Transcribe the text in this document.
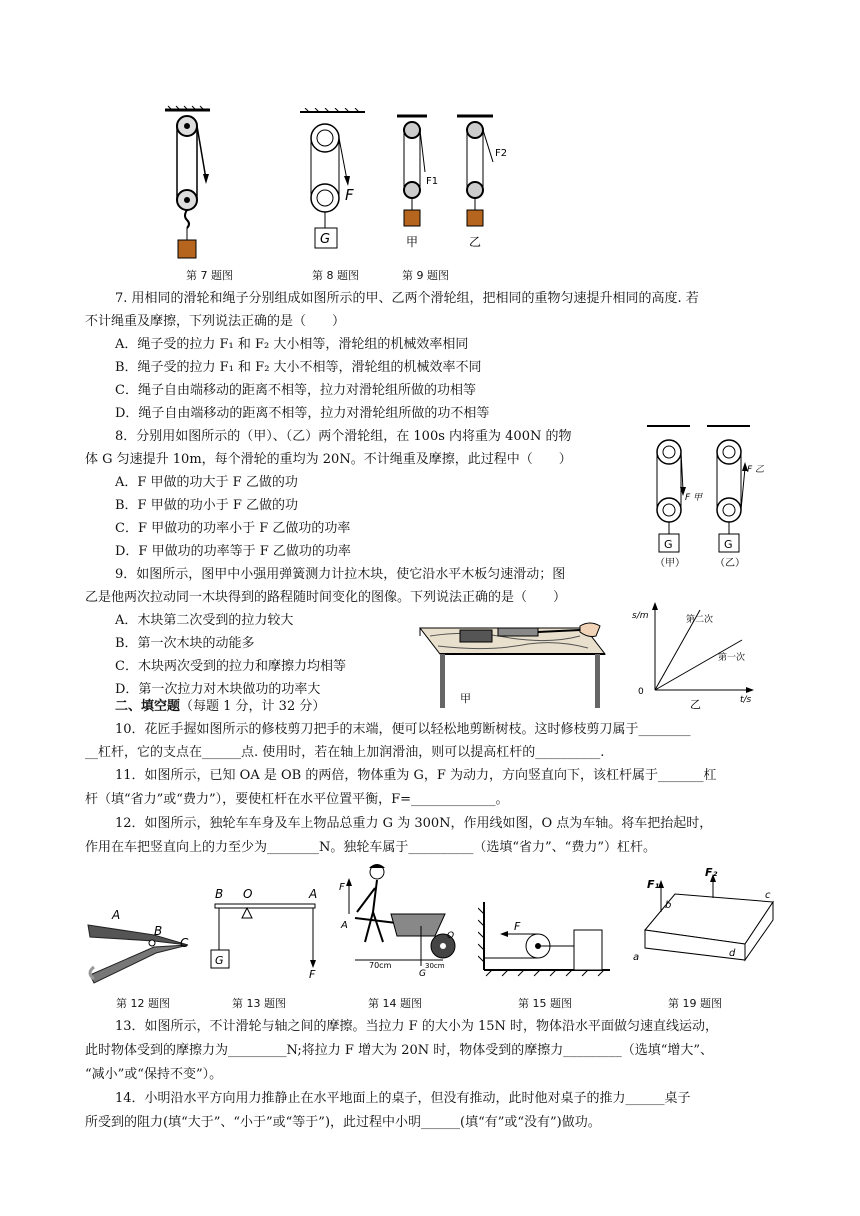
第 7 题图
F
G
第 8 题图
F1
甲
F2
乙
第 9 题图
7. 用相同的滑轮和绳子分别组成如图所示的甲、乙两个滑轮组，把相同的重物匀速提升相同的高度. 若
不计绳重及摩擦，下列说法正确的是（　　）
A．绳子受的拉力 F₁ 和 F₂ 大小相等，滑轮组的机械效率相同
B．绳子受的拉力 F₁ 和 F₂ 大小不相等，滑轮组的机械效率不同
C．绳子自由端移动的距离不相等，拉力对滑轮组所做的功相等
D．绳子自由端移动的距离不相等，拉力对滑轮组所做的功不相等
8．分别用如图所示的（甲）、（乙）两个滑轮组，在 100s 内将重为 400N 的物
体 G 匀速提升 10m，每个滑轮的重均为 20N。不计绳重及摩擦，此过程中（　　）
A．F 甲做的功大于 F 乙做的功
B．F 甲做的功小于 F 乙做的功
C．F 甲做功的功率小于 F 乙做功的功率
D．F 甲做功的功率等于 F 乙做功的功率
F 甲
G
（甲）
F 乙
G
（乙）
9．如图所示，图甲中小强用弹簧测力计拉木块，使它沿水平木板匀速滑动；图
乙是他两次拉动同一木块得到的路程随时间变化的图像。下列说法正确的是（　　）
A．木块第二次受到的拉力较大
B．第一次木块的动能多
C．木块两次受到的拉力和摩擦力均相等
D．第一次拉力对木块做功的功率大
甲
s/m
t/s
0
第二次
第一次
乙
二、填空题（每题 1 分，计 32 分）
10．花匠手握如图所示的修枝剪刀把手的末端，便可以轻松地剪断树枝。这时修枝剪刀属于________
__杠杆，它的支点在______点. 使用时，若在轴上加润滑油，则可以提高杠杆的__________.
11．如图所示，已知 OA 是 OB 的两倍，物体重为 G，F 为动力，方向竖直向下，该杠杆属于_______杠
杆（填“省力”或“费力”），要使杠杆在水平位置平衡，F=_____________。
12．如图所示，独轮车车身及车上物品总重力 G 为 300N，作用线如图，O 点为车轴。将车把抬起时，
作用在车把竖直向上的力至少为________N。独轮车属于__________（选填“省力”、“费力”）杠杆。
A
B
C
第 12 题图
B O	A
G
F
第 13 题图
F
A
O
G
70cm	30cm
第 14 题图
F
第 15 题图
F₁
b
F₂
c
a	d
第 19 题图
13．如图所示，不计滑轮与轴之间的摩擦。当拉力 F 的大小为 15N 时，物体沿水平面做匀速直线运动，
此时物体受到的摩擦力为_________N;将拉力 F 增大为 20N 时，物体受到的摩擦力_________（选填“增大”、
“减小”或“保持不变”）。
14．小明沿水平方向用力推静止在水平地面上的桌子，但没有推动，此时他对桌子的推力______桌子
所受到的阻力(填“大于”、“小于”或“等于”)，此过程中小明______(填“有”或“没有”)做功。
